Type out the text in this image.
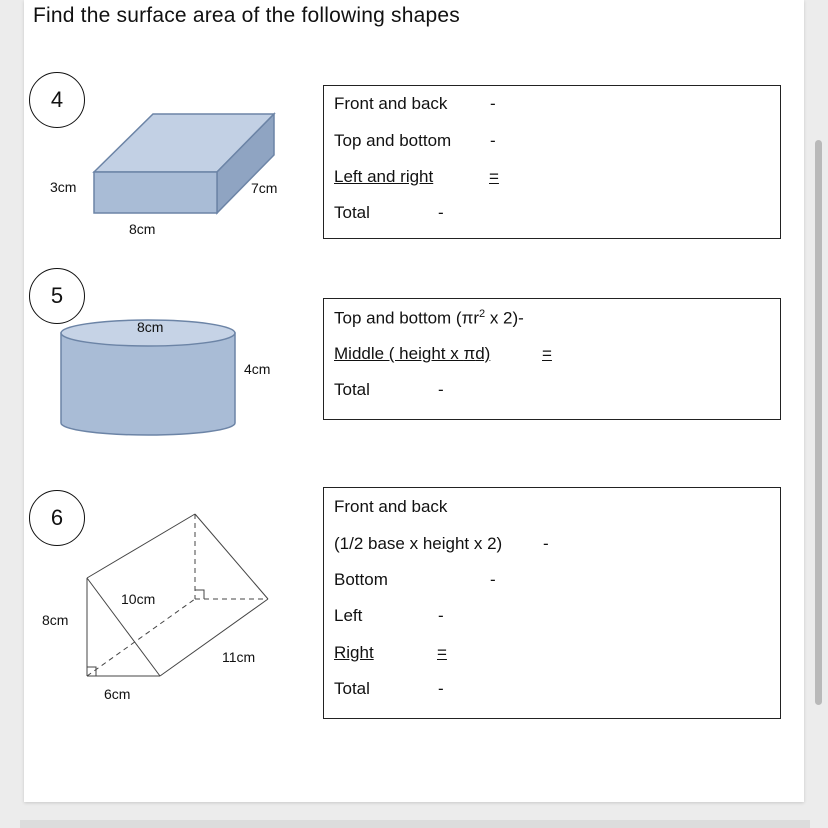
Find the surface area of the following shapes
4
3cm	7cm
8cm
Front and back	-
Top and bottom -
Left and right	=
Total	-
5
8cm
4cm
Top and bottom ($\pi r^2$ x 2)-
Middle ( height x πd)	=
Total	-
6
10cm
8cm
11cm
6cm
Front and back
(1/2 base x height x 2) -
Bottom	-
Left	-
Right	=
Total	-
